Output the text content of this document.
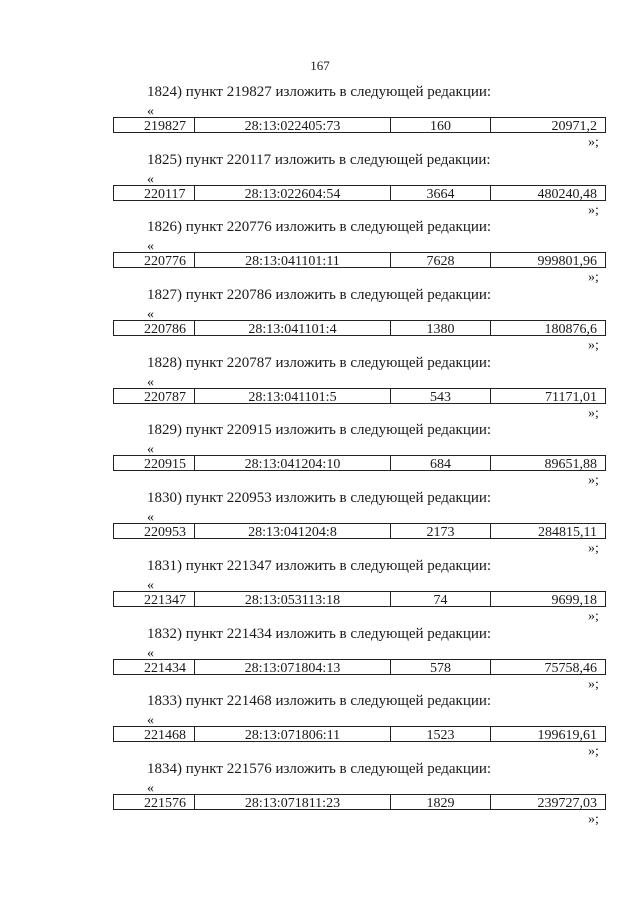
167
1824) пункт 219827 изложить в следующей редакции:
«
219827	28:13:022405:73	160	20971,2
»;
1825) пункт 220117 изложить в следующей редакции:
«
220117	28:13:022604:54	3664	480240,48
»;
1826) пункт 220776 изложить в следующей редакции:
«
220776	28:13:041101:11	7628	999801,96
»;
1827) пункт 220786 изложить в следующей редакции:
«
220786	28:13:041101:4	1380	180876,6
»;
1828) пункт 220787 изложить в следующей редакции:
«
220787	28:13:041101:5	543	71171,01
»;
1829) пункт 220915 изложить в следующей редакции:
«
220915	28:13:041204:10	684	89651,88
»;
1830) пункт 220953 изложить в следующей редакции:
«
220953	28:13:041204:8	2173	284815,11
»;
1831) пункт 221347 изложить в следующей редакции:
«
221347	28:13:053113:18	74	9699,18
»;
1832) пункт 221434 изложить в следующей редакции:
«
221434	28:13:071804:13	578	75758,46
»;
1833) пункт 221468 изложить в следующей редакции:
«
221468	28:13:071806:11	1523	199619,61
»;
1834) пункт 221576 изложить в следующей редакции:
«
221576	28:13:071811:23	1829	239727,03
»;
